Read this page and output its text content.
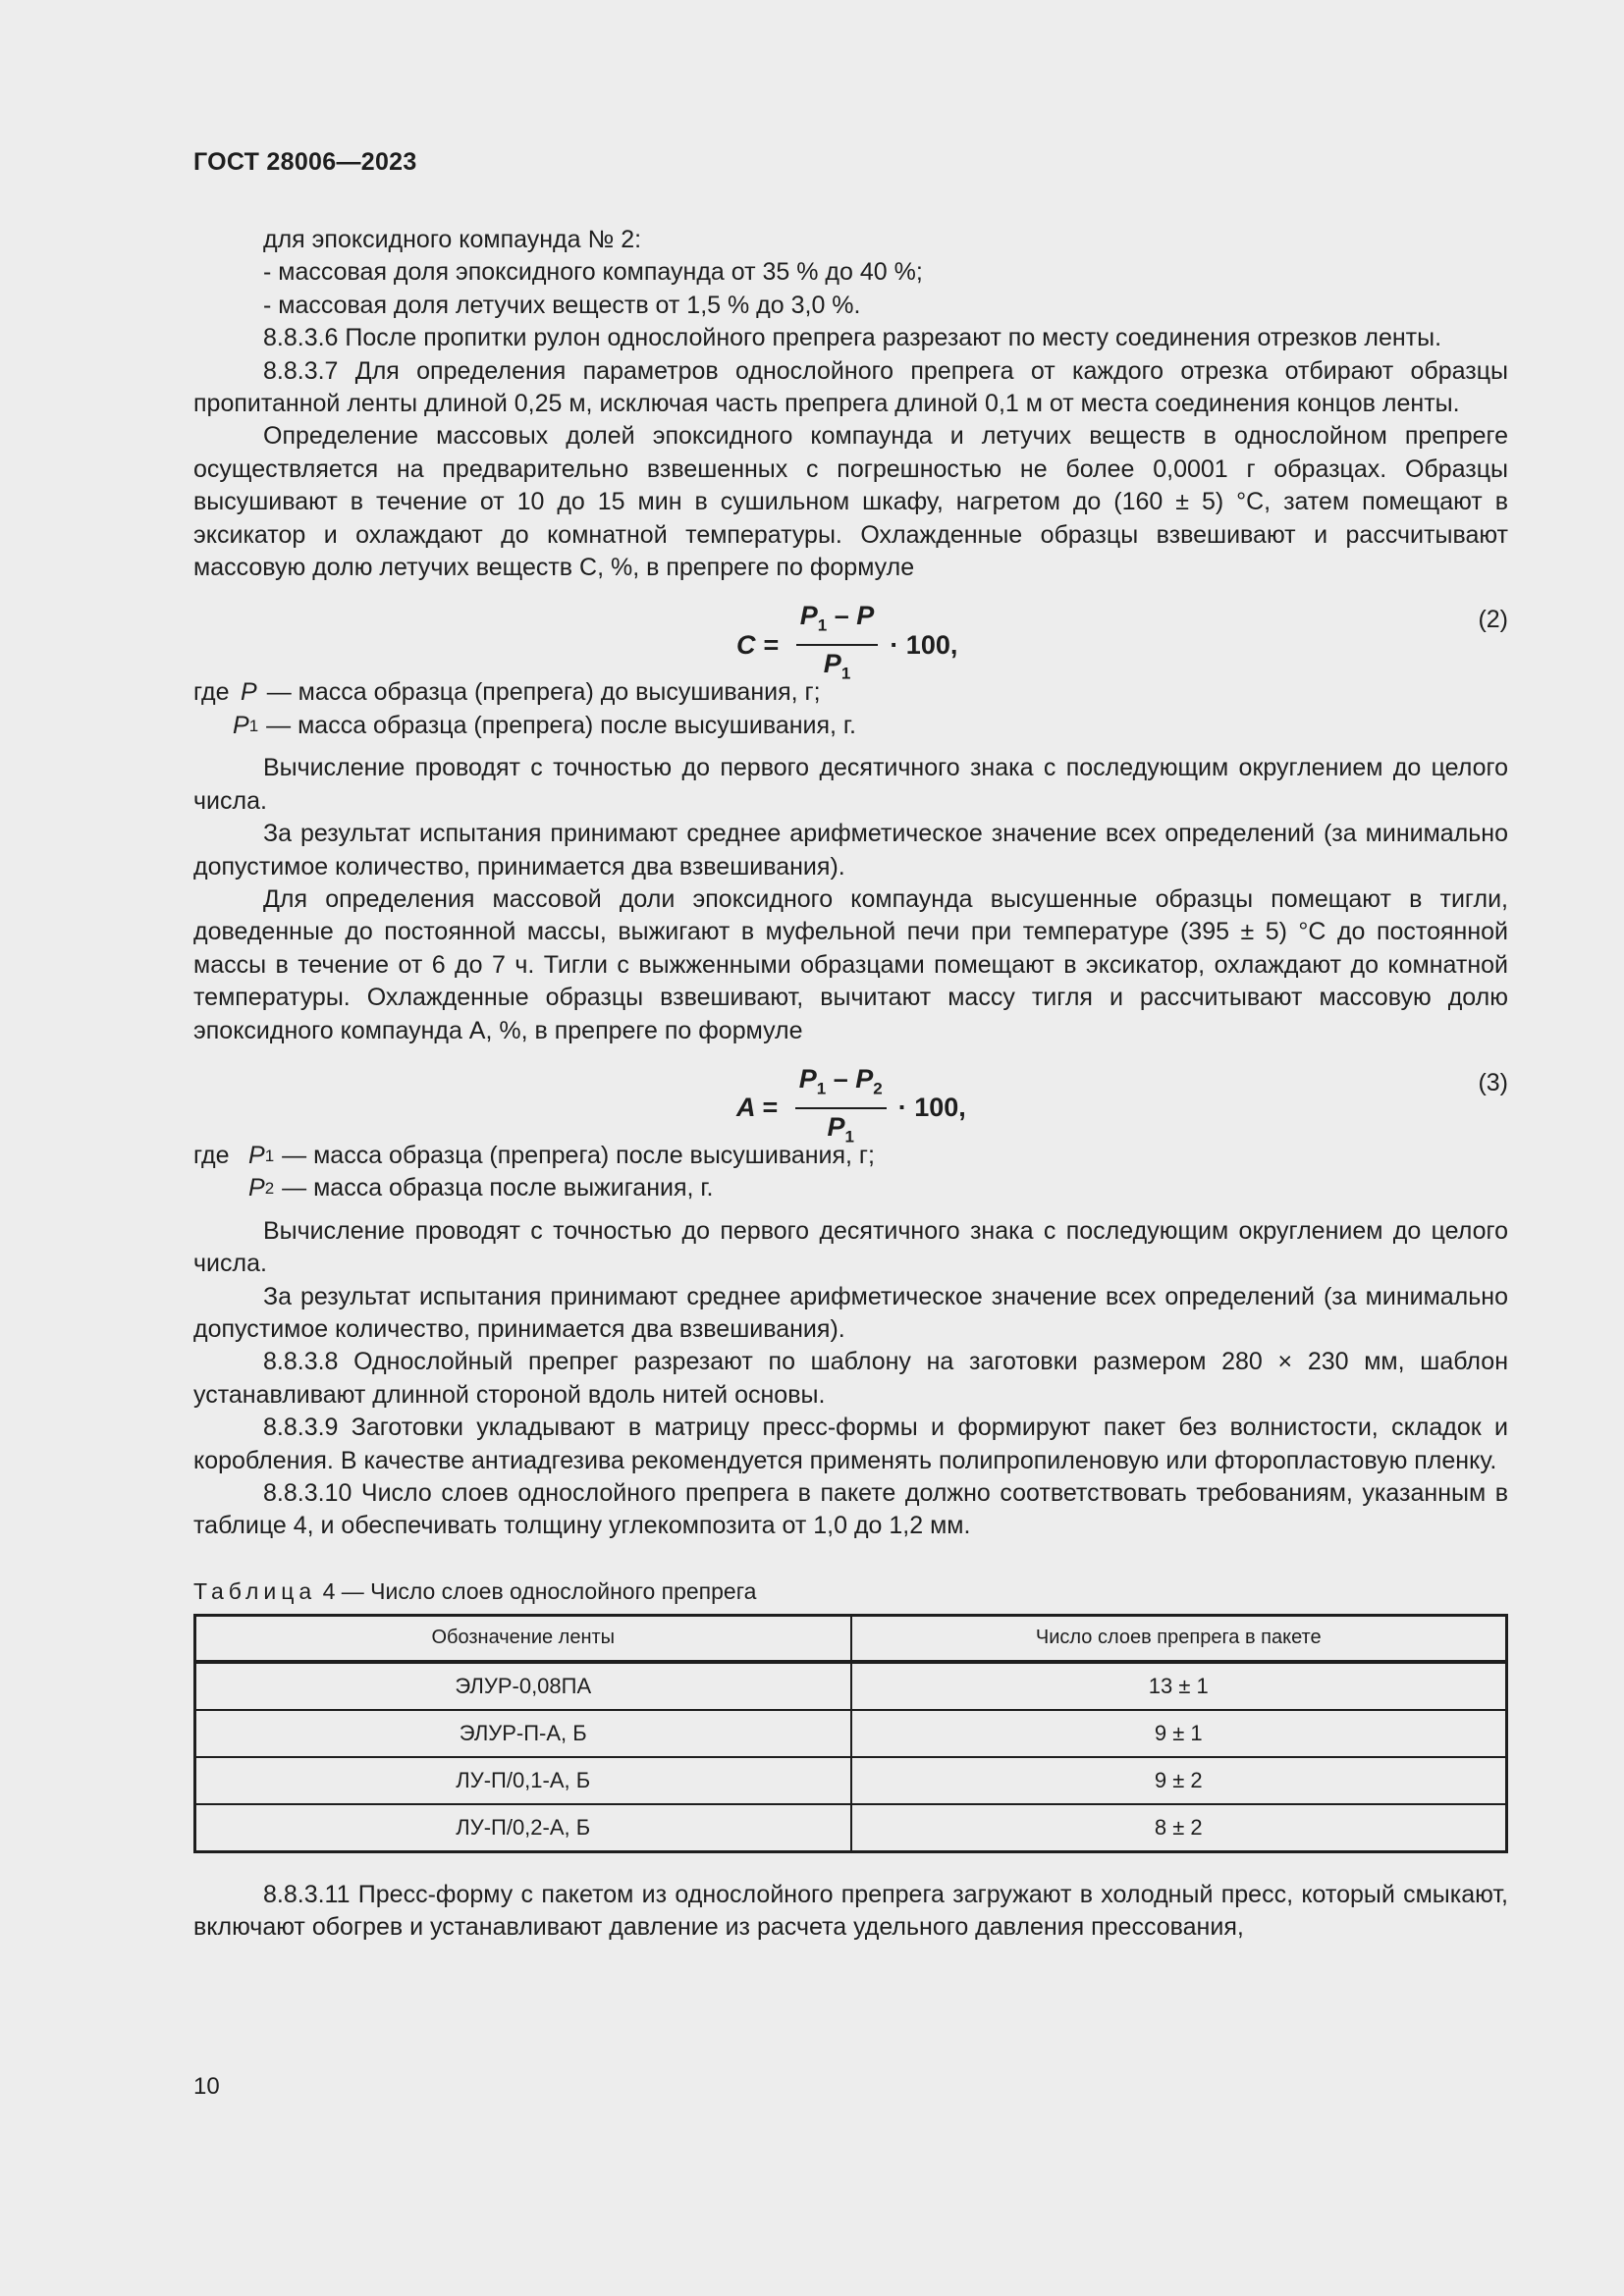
ГОСТ 28006—2023

для эпоксидного компаунда № 2:

- массовая доля эпоксидного компаунда от 35 % до 40 %;

- массовая доля летучих веществ от 1,5 % до 3,0 %.

8.8.3.6 После пропитки рулон однослойного препрега разрезают по месту соединения отрезков ленты.

8.8.3.7 Для определения параметров однослойного препрега от каждого отрезка отбирают образцы пропитанной ленты длиной 0,25 м, исключая часть препрега длиной 0,1 м от места соединения концов ленты.

Определение массовых долей эпоксидного компаунда и летучих веществ в однослойном препреге осуществляется на предварительно взвешенных с погрешностью не более 0,0001 г образцах. Образцы высушивают в течение от 10 до 15 мин в сушильном шкафу, нагретом до (160 ± 5) °С, затем помещают в эксикатор и охлаждают до комнатной температуры. Охлажденные образцы взвешивают и рассчитывают массовую долю летучих веществ С, %, в препреге по формуле

$C = \frac{P_1 - P}{P_1} \cdot 100$,
(2)
где P — масса образца (препрега) до высушивания, г;
P 1 — масса образца (препрега) после высушивания, г.

Вычисление проводят с точностью до первого десятичного знака с последующим округлением до целого числа.

За результат испытания принимают среднее арифметическое значение всех определений (за минимально допустимое количество, принимается два взвешивания).

Для определения массовой доли эпоксидного компаунда высушенные образцы помещают в тигли, доведенные до постоянной массы, выжигают в муфельной печи при температуре (395 ± 5) °С до постоянной массы в течение от 6 до 7 ч. Тигли с выжженными образцами помещают в эксикатор, охлаждают до комнатной температуры. Охлажденные образцы взвешивают, вычитают массу тигля и рассчитывают массовую долю эпоксидного компаунда А, %, в препреге по формуле

$A = \frac{P_1 - P_2}{P_1} \cdot 100$,
(3)
где P 1 — масса образца (препрега) после высушивания, г;
P 2 — масса образца после выжигания, г.

Вычисление проводят с точностью до первого десятичного знака с последующим округлением до целого числа.

За результат испытания принимают среднее арифметическое значение всех определений (за минимально допустимое количество, принимается два взвешивания).

8.8.3.8 Однослойный препрег разрезают по шаблону на заготовки размером 280 × 230 мм, шаблон устанавливают длинной стороной вдоль нитей основы.

8.8.3.9 Заготовки укладывают в матрицу пресс-формы и формируют пакет без волнистости, складок и коробления. В качестве антиадгезива рекомендуется применять полипропиленовую или фторопластовую пленку.

8.8.3.10 Число слоев однослойного препрега в пакете должно соответствовать требованиям, указанным в таблице 4, и обеспечивать толщину углекомпозита от 1,0 до 1,2 мм.

Таблица 4 — Число слоев однослойного препрега
Обозначение ленты	Число слоев препрега в пакете
ЭЛУР-0,08ПА	13 ± 1
ЭЛУР-П-А, Б	9 ± 1
ЛУ-П/0,1-А, Б	9 ± 2
ЛУ-П/0,2-А, Б	8 ± 2

8.8.3.11 Пресс-форму с пакетом из однослойного препрега загружают в холодный пресс, который смыкают, включают обогрев и устанавливают давление из расчета удельного давления прессования,

10
